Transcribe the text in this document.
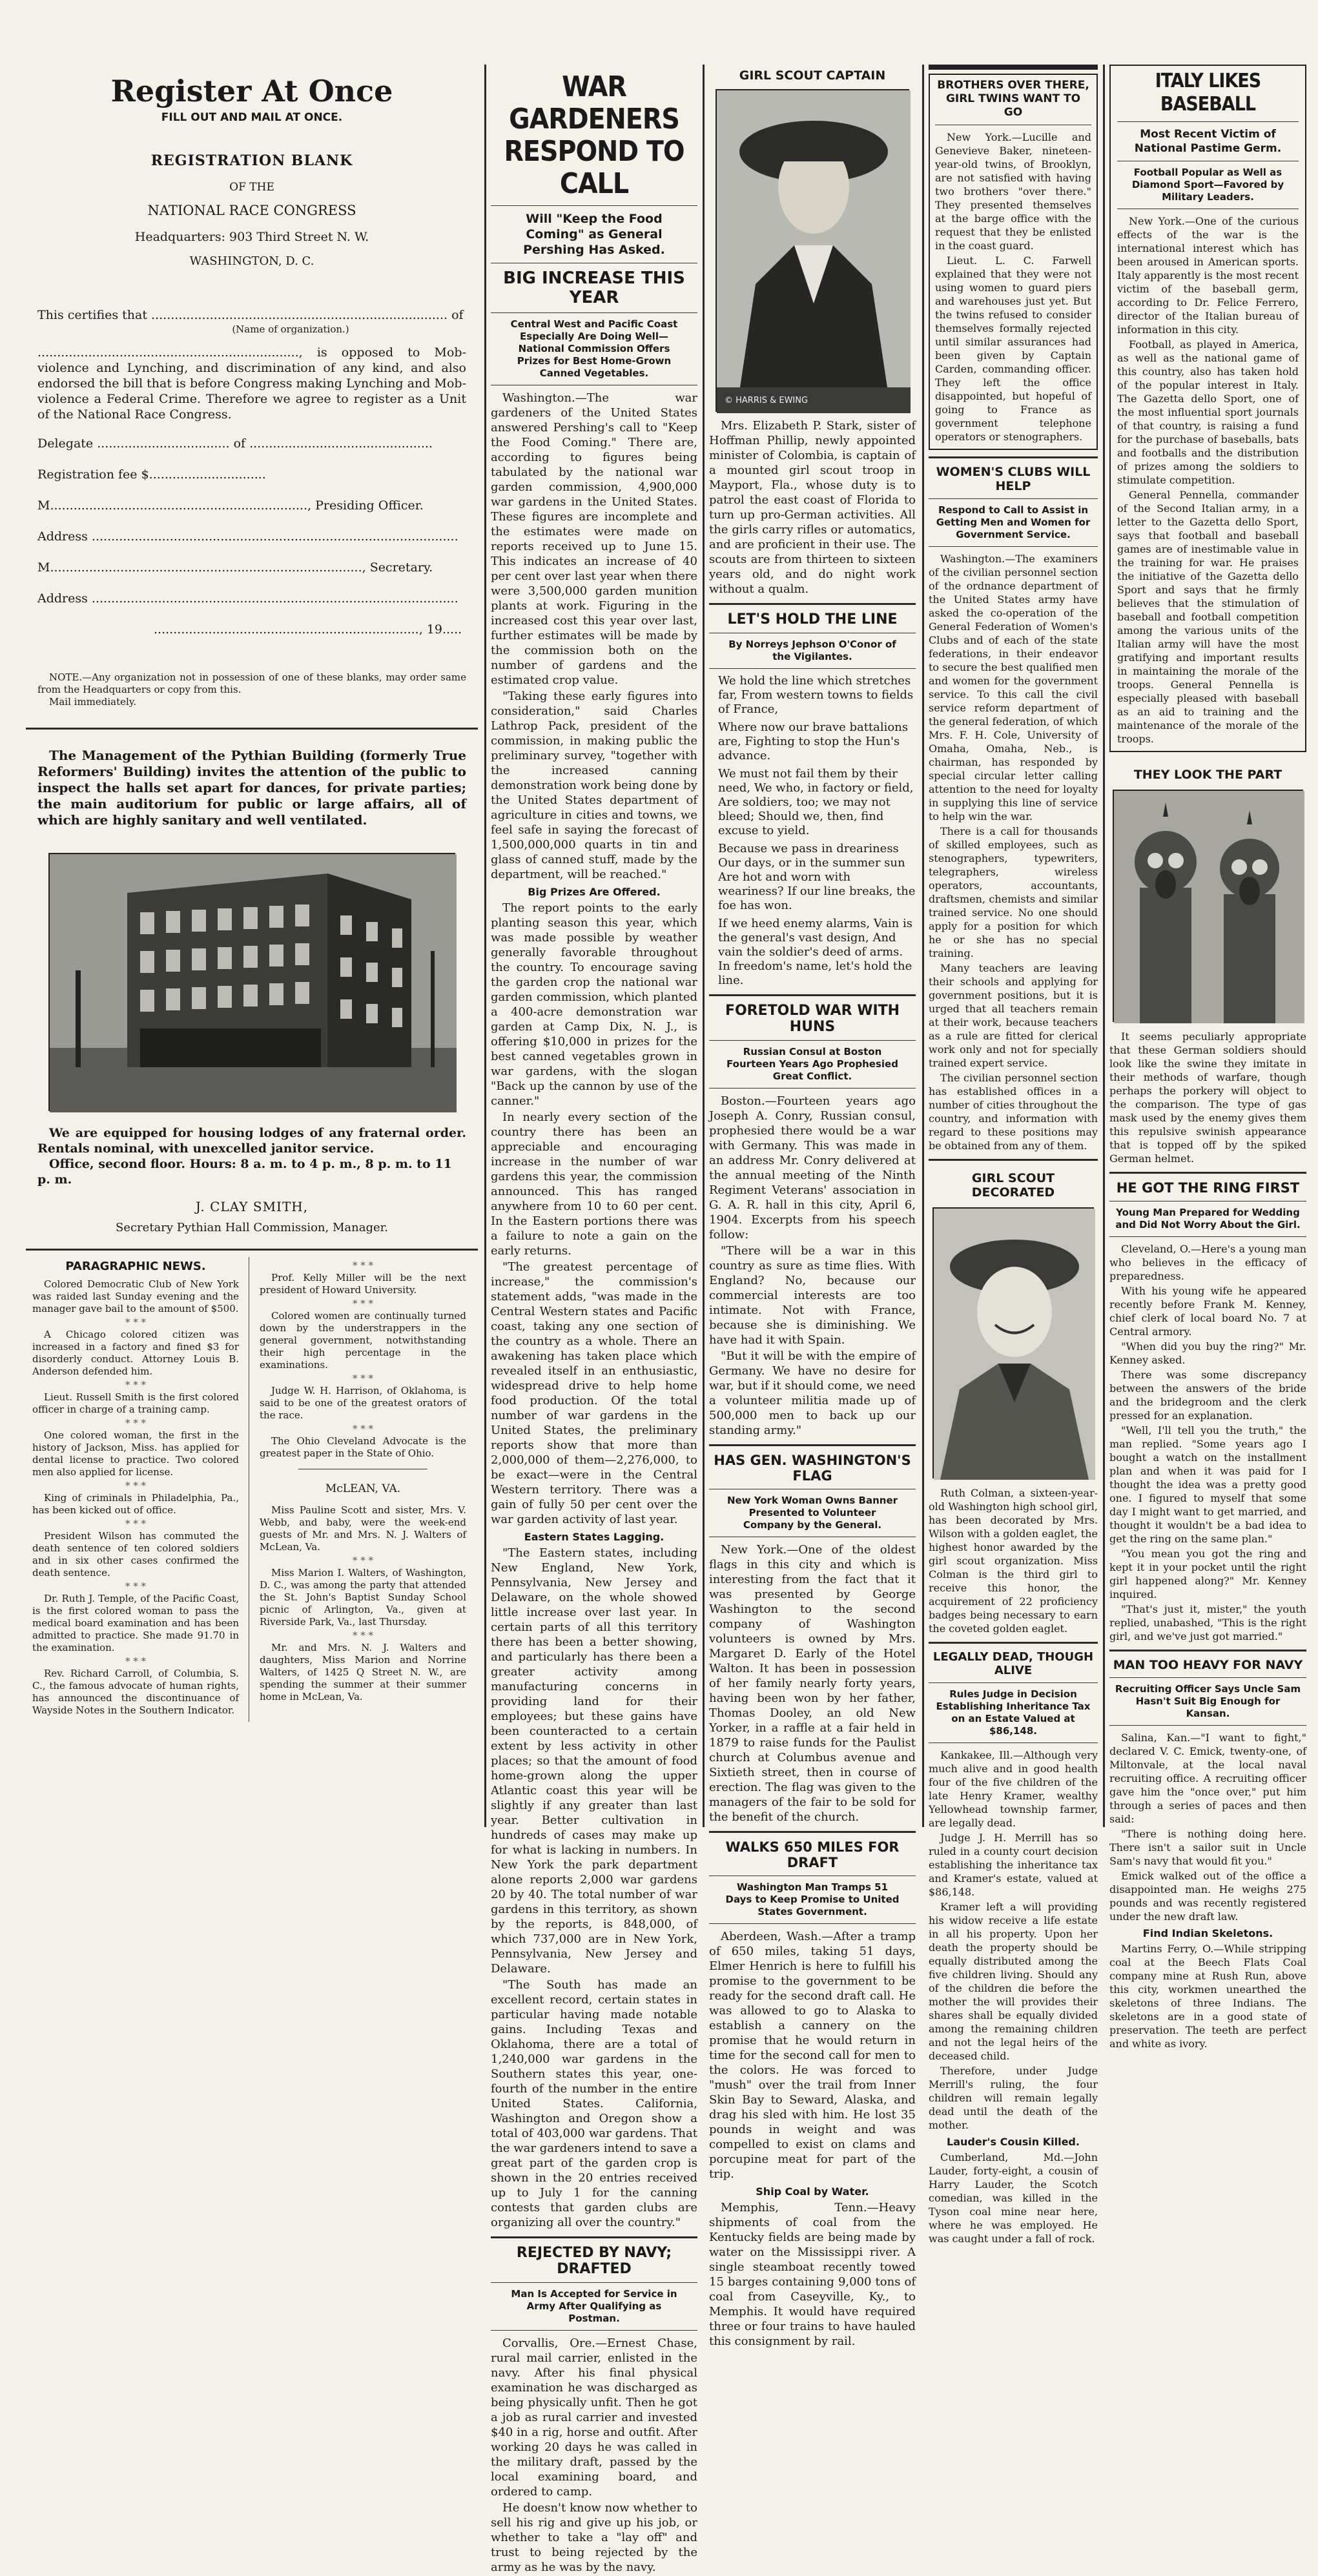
Register At Once
FILL OUT AND MAIL AT ONCE.
REGISTRATION BLANK
OF THE
NATIONAL RACE CONGRESS
Headquarters: 903 Third Street N. W.
WASHINGTON, D. C.
This certifies that ............................................................................ of
(Name of organization.)
..................................................................., is opposed to Mob-violence and Lynching, and discrimination of any kind, and also endorsed the bill that is before Congress making Lynching and Mob-violence a Federal Crime. Therefore we agree to register as a Unit of the National Race Congress.
Delegate .................................. of ...............................................
Registration fee $..............................
M.................................................................., Presiding Officer.
Address ..............................................................................................
M................................................................................, Secretary.
Address ..............................................................................................
...................................................................., 19.....
NOTE.—Any organization not in possession of one of these blanks, may order same from the Headquarters or copy from this.
Mail immediately.
The Management of the Pythian Building (formerly True Reformers' Building) invites the attention of the public to inspect the halls set apart for dances, for private parties; the main auditorium for public or large affairs, all of which are highly sanitary and well ventilated.
We are equipped for housing lodges of any fraternal order. Rentals nominal, with unexcelled janitor service.
Office, second floor. Hours: 8 a. m. to 4 p. m., 8 p. m. to 11 p. m.
J. CLAY SMITH,
Secretary Pythian Hall Commission, Manager.
PARAGRAPHIC NEWS.
Colored Democratic Club of New York was raided last Sunday evening and the manager gave bail to the amount of $500.
* * *
A Chicago colored citizen was increased in a factory and fined $3 for disorderly conduct. Attorney Louis B. Anderson defended him.
* * *
Lieut. Russell Smith is the first colored officer in charge of a training camp.
* * *
One colored woman, the first in the history of Jackson, Miss. has applied for dental license to practice. Two colored men also applied for license.
* * *
King of criminals in Philadelphia, Pa., has been kicked out of office.
* * *
President Wilson has commuted the death sentence of ten colored soldiers and in six other cases confirmed the death sentence.
* * *
Dr. Ruth J. Temple, of the Pacific Coast, is the first colored woman to pass the medical board examination and has been admitted to practice. She made 91.70 in the examination.
* * *
Rev. Richard Carroll, of Columbia, S. C., the famous advocate of human rights, has announced the discontinuance of Wayside Notes in the Southern Indicator.
* * *
Prof. Kelly Miller will be the next president of Howard University.
* * *
Colored women are continually turned down by the understrappers in the general government, notwithstanding their high percentage in the examinations.
* * *
Judge W. H. Harrison, of Oklahoma, is said to be one of the greatest orators of the race.
* * *
The Ohio Cleveland Advocate is the greatest paper in the State of Ohio.
McLEAN, VA.
Miss Pauline Scott and sister, Mrs. V. Webb, and baby, were the week-end guests of Mr. and Mrs. N. J. Walters of McLean, Va.
* * *
Miss Marion I. Walters, of Washington, D. C., was among the party that attended the St. John's Baptist Sunday School picnic of Arlington, Va., given at Riverside Park, Va., last Thursday.
* * *
Mr. and Mrs. N. J. Walters and daughters, Miss Marion and Norrine Walters, of 1425 Q Street N. W., are spending the summer at their summer home in McLean, Va.
WAR GARDENERS RESPOND TO CALL
Will "Keep the Food Coming" as General Pershing Has Asked.
BIG INCREASE THIS YEAR
Central West and Pacific Coast Especially Are Doing Well—National Commission Offers Prizes for Best Home-Grown Canned Vegetables.
Washington.—The war gardeners of the United States answered Pershing's call to "Keep the Food Coming." There are, according to figures being tabulated by the national war garden commission, 4,900,000 war gardens in the United States. These figures are incomplete and the estimates were made on reports received up to June 15. This indicates an increase of 40 per cent over last year when there were 3,500,000 garden munition plants at work. Figuring in the increased cost this year over last, further estimates will be made by the commission both on the number of gardens and the estimated crop value.
"Taking these early figures into consideration," said Charles Lathrop Pack, president of the commission, in making public the preliminary survey, "together with the increased canning demonstration work being done by the United States department of agriculture in cities and towns, we feel safe in saying the forecast of 1,500,000,000 quarts in tin and glass of canned stuff, made by the department, will be reached."
Big Prizes Are Offered.
The report points to the early planting season this year, which was made possible by weather generally favorable throughout the country. To encourage saving the garden crop the national war garden commission, which planted a 400-acre demonstration war garden at Camp Dix, N. J., is offering $10,000 in prizes for the best canned vegetables grown in war gardens, with the slogan "Back up the cannon by use of the canner."
In nearly every section of the country there has been an appreciable and encouraging increase in the number of war gardens this year, the commission announced. This has ranged anywhere from 10 to 60 per cent. In the Eastern portions there was a failure to note a gain on the early returns.
"The greatest percentage of increase," the commission's statement adds, "was made in the Central Western states and Pacific coast, taking any one section of the country as a whole. There an awakening has taken place which revealed itself in an enthusiastic, widespread drive to help home food production. Of the total number of war gardens in the United States, the preliminary reports show that more than 2,000,000 of them—2,276,000, to be exact—were in the Central Western territory. There was a gain of fully 50 per cent over the war garden activity of last year.
Eastern States Lagging.
"The Eastern states, including New England, New York, Pennsylvania, New Jersey and Delaware, on the whole showed little increase over last year. In certain parts of all this territory there has been a better showing, and particularly has there been a greater activity among manufacturing concerns in providing land for their employees; but these gains have been counteracted to a certain extent by less activity in other places; so that the amount of food home-grown along the upper Atlantic coast this year will be slightly if any greater than last year. Better cultivation in hundreds of cases may make up for what is lacking in numbers. In New York the park department alone reports 2,000 war gardens 20 by 40. The total number of war gardens in this territory, as shown by the reports, is 848,000, of which 737,000 are in New York, Pennsylvania, New Jersey and Delaware.
"The South has made an excellent record, certain states in particular having made notable gains. Including Texas and Oklahoma, there are a total of 1,240,000 war gardens in the Southern states this year, one-fourth of the number in the entire United States. California, Washington and Oregon show a total of 403,000 war gardens. That the war gardeners intend to save a great part of the garden crop is shown in the 20 entries received up to July 1 for the canning contests that garden clubs are organizing all over the country."
REJECTED BY NAVY; DRAFTED
Man Is Accepted for Service in Army After Qualifying as Postman.
Corvallis, Ore.—Ernest Chase, rural mail carrier, enlisted in the navy. After his final physical examination he was discharged as being physically unfit. Then he got a job as rural carrier and invested $40 in a rig, horse and outfit. After working 20 days he was called in the military draft, passed by the local examining board, and ordered to camp.
He doesn't know now whether to sell his rig and give up his job, or whether to take a "lay off" and trust to being rejected by the army as he was by the navy.
GIRL SCOUT CAPTAIN
© HARRIS & EWING
Mrs. Elizabeth P. Stark, sister of Hoffman Phillip, newly appointed minister of Colombia, is captain of a mounted girl scout troop in Mayport, Fla., whose duty is to patrol the east coast of Florida to turn up pro-German activities. All the girls carry rifles or automatics, and are proficient in their use. The scouts are from thirteen to sixteen years old, and do night work without a qualm.
LET'S HOLD THE LINE
By Norreys Jephson O'Conor of the Vigilantes.
We hold the line which stretches far, From western towns to fields of France,
Where now our brave battalions are, Fighting to stop the Hun's advance.
We must not fail them by their need, We who, in factory or field, Are soldiers, too; we may not bleed; Should we, then, find excuse to yield.
Because we pass in dreariness Our days, or in the summer sun Are hot and worn with weariness? If our line breaks, the foe has won.
If we heed enemy alarms, Vain is the general's vast design, And vain the soldier's deed of arms. In freedom's name, let's hold the line.
FORETOLD WAR WITH HUNS
Russian Consul at Boston Fourteen Years Ago Prophesied Great Conflict.
Boston.—Fourteen years ago Joseph A. Conry, Russian consul, prophesied there would be a war with Germany. This was made in an address Mr. Conry delivered at the annual meeting of the Ninth Regiment Veterans' association in G. A. R. hall in this city, April 6, 1904. Excerpts from his speech follow:
"There will be a war in this country as sure as time flies. With England? No, because our commercial interests are too intimate. Not with France, because she is diminishing. We have had it with Spain.
"But it will be with the empire of Germany. We have no desire for war, but if it should come, we need a volunteer militia made up of 500,000 men to back up our standing army."
HAS GEN. WASHINGTON'S FLAG
New York Woman Owns Banner Presented to Volunteer Company by the General.
New York.—One of the oldest flags in this city and which is interesting from the fact that it was presented by George Washington to the second company of Washington volunteers is owned by Mrs. Margaret D. Early of the Hotel Walton. It has been in possession of her family nearly forty years, having been won by her father, Thomas Dooley, an old New Yorker, in a raffle at a fair held in 1879 to raise funds for the Paulist church at Columbus avenue and Sixtieth street, then in course of erection. The flag was given to the managers of the fair to be sold for the benefit of the church.
WALKS 650 MILES FOR DRAFT
Washington Man Tramps 51 Days to Keep Promise to United States Government.
Aberdeen, Wash.—After a tramp of 650 miles, taking 51 days, Elmer Henrich is here to fulfill his promise to the government to be ready for the second draft call. He was allowed to go to Alaska to establish a cannery on the promise that he would return in time for the second call for men to the colors. He was forced to "mush" over the trail from Inner Skin Bay to Seward, Alaska, and drag his sled with him. He lost 35 pounds in weight and was compelled to exist on clams and porcupine meat for part of the trip.
Ship Coal by Water.
Memphis, Tenn.—Heavy shipments of coal from the Kentucky fields are being made by water on the Mississippi river. A single steamboat recently towed 15 barges containing 9,000 tons of coal from Caseyville, Ky., to Memphis. It would have required three or four trains to have hauled this consignment by rail.
BROTHERS OVER THERE, GIRL TWINS WANT TO GO
New York.—Lucille and Genevieve Baker, nineteen-year-old twins, of Brooklyn, are not satisfied with having two brothers "over there." They presented themselves at the barge office with the request that they be enlisted in the coast guard.
Lieut. L. C. Farwell explained that they were not using women to guard piers and warehouses just yet. But the twins refused to consider themselves formally rejected until similar assurances had been given by Captain Carden, commanding officer. They left the office disappointed, but hopeful of going to France as government telephone operators or stenographers.
WOMEN'S CLUBS WILL HELP
Respond to Call to Assist in Getting Men and Women for Government Service.
Washington.—The examiners of the civilian personnel section of the ordnance department of the United States army have asked the co-operation of the General Federation of Women's Clubs and of each of the state federations, in their endeavor to secure the best qualified men and women for the government service. To this call the civil service reform department of the general federation, of which Mrs. F. H. Cole, University of Omaha, Omaha, Neb., is chairman, has responded by special circular letter calling attention to the need for loyalty in supplying this line of service to help win the war.
There is a call for thousands of skilled employees, such as stenographers, typewriters, telegraphers, wireless operators, accountants, draftsmen, chemists and similar trained service. No one should apply for a position for which he or she has no special training.
Many teachers are leaving their schools and applying for government positions, but it is urged that all teachers remain at their work, because teachers as a rule are fitted for clerical work only and not for specially trained expert service.
The civilian personnel section has established offices in a number of cities throughout the country, and information with regard to these positions may be obtained from any of them.
GIRL SCOUT DECORATED
Ruth Colman, a sixteen-year-old Washington high school girl, has been decorated by Mrs. Wilson with a golden eaglet, the highest honor awarded by the girl scout organization. Miss Colman is the third girl to receive this honor, the acquirement of 22 proficiency badges being necessary to earn the coveted golden eaglet.
LEGALLY DEAD, THOUGH ALIVE
Rules Judge in Decision Establishing Inheritance Tax on an Estate Valued at $86,148.
Kankakee, Ill.—Although very much alive and in good health four of the five children of the late Henry Kramer, wealthy Yellowhead township farmer, are legally dead.
Judge J. H. Merrill has so ruled in a county court decision establishing the inheritance tax and Kramer's estate, valued at $86,148.
Kramer left a will providing his widow receive a life estate in all his property. Upon her death the property should be equally distributed among the five children living. Should any of the children die before the mother the will provides their shares shall be equally divided among the remaining children and not the legal heirs of the deceased child.
Therefore, under Judge Merrill's ruling, the four children will remain legally dead until the death of the mother.
Lauder's Cousin Killed.
Cumberland, Md.—John Lauder, forty-eight, a cousin of Harry Lauder, the Scotch comedian, was killed in the Tyson coal mine near here, where he was employed. He was caught under a fall of rock.
ITALY LIKES BASEBALL
Most Recent Victim of National Pastime Germ.
Football Popular as Well as Diamond Sport—Favored by Military Leaders.
New York.—One of the curious effects of the war is the international interest which has been aroused in American sports. Italy apparently is the most recent victim of the baseball germ, according to Dr. Felice Ferrero, director of the Italian bureau of information in this city.
Football, as played in America, as well as the national game of this country, also has taken hold of the popular interest in Italy. The Gazetta dello Sport, one of the most influential sport journals of that country, is raising a fund for the purchase of baseballs, bats and footballs and the distribution of prizes among the soldiers to stimulate competition.
General Pennella, commander of the Second Italian army, in a letter to the Gazetta dello Sport, says that football and baseball games are of inestimable value in the training for war. He praises the initiative of the Gazetta dello Sport and says that he firmly believes that the stimulation of baseball and football competition among the various units of the Italian army will have the most gratifying and important results in maintaining the morale of the troops. General Pennella is especially pleased with baseball as an aid to training and the maintenance of the morale of the troops.
THEY LOOK THE PART
It seems peculiarly appropriate that these German soldiers should look like the swine they imitate in their methods of warfare, though perhaps the porkery will object to the comparison. The type of gas mask used by the enemy gives them this repulsive swinish appearance that is topped off by the spiked German helmet.
HE GOT THE RING FIRST
Young Man Prepared for Wedding and Did Not Worry About the Girl.
Cleveland, O.—Here's a young man who believes in the efficacy of preparedness.
With his young wife he appeared recently before Frank M. Kenney, chief clerk of local board No. 7 at Central armory.
"When did you buy the ring?" Mr. Kenney asked.
There was some discrepancy between the answers of the bride and the bridegroom and the clerk pressed for an explanation.
"Well, I'll tell you the truth," the man replied. "Some years ago I bought a watch on the installment plan and when it was paid for I thought the idea was a pretty good one. I figured to myself that some day I might want to get married, and thought it wouldn't be a bad idea to get the ring on the same plan."
"You mean you got the ring and kept it in your pocket until the right girl happened along?" Mr. Kenney inquired.
"That's just it, mister," the youth replied, unabashed, "This is the right girl, and we've just got married."
MAN TOO HEAVY FOR NAVY
Recruiting Officer Says Uncle Sam Hasn't Suit Big Enough for Kansan.
Salina, Kan.—"I want to fight," declared V. C. Emick, twenty-one, of Miltonvale, at the local naval recruiting office. A recruiting officer gave him the "once over," put him through a series of paces and then said:
"There is nothing doing here. There isn't a sailor suit in Uncle Sam's navy that would fit you."
Emick walked out of the office a disappointed man. He weighs 275 pounds and was recently registered under the new draft law.
Find Indian Skeletons.
Martins Ferry, O.—While stripping coal at the Beech Flats Coal company mine at Rush Run, above this city, workmen unearthed the skeletons of three Indians. The skeletons are in a good state of preservation. The teeth are perfect and white as ivory.
